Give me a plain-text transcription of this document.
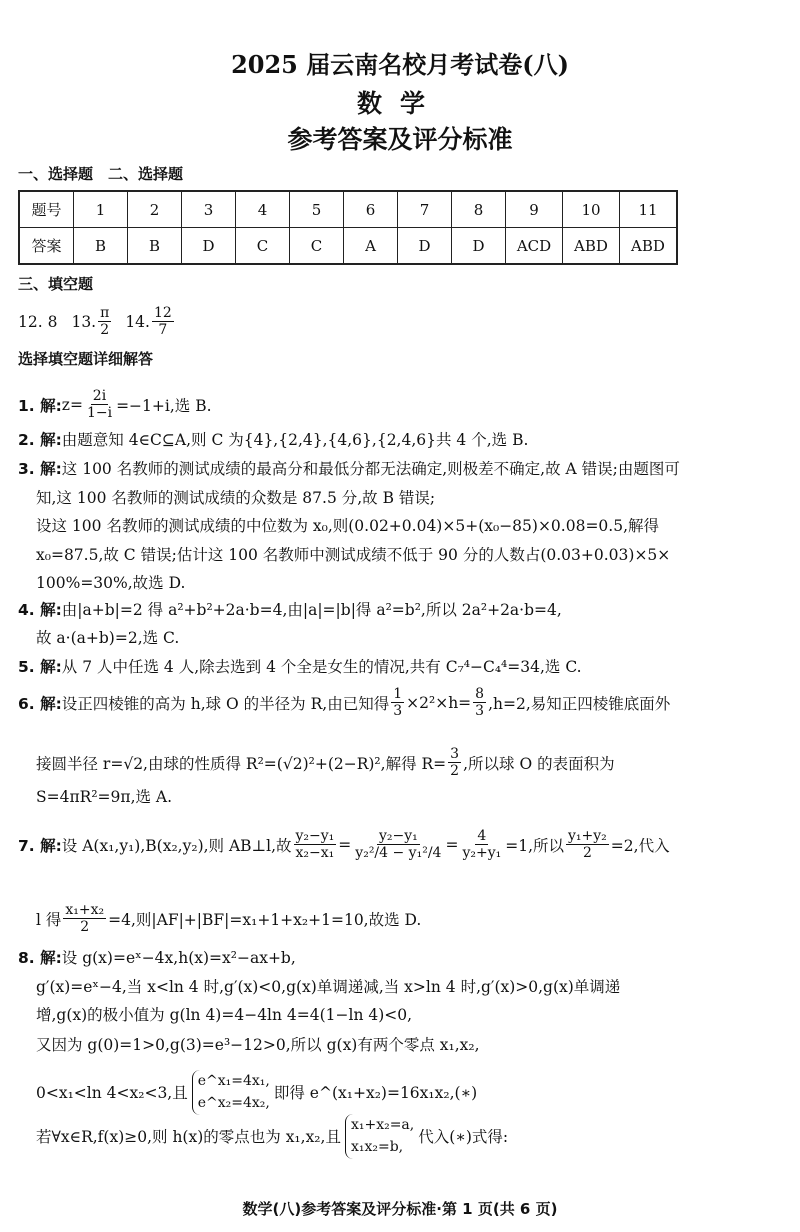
2025 届云南名校月考试卷(八)
数学
参考答案及评分标准
一、选择题　二、选择题
题号	1	2	3	4	5	6	7	8	9	10	11
答案	B	B	D	C	C	A	D	D	ACD	ABD	ABD
三、填空题
12. 8 13. $\frac{\pi}{2} 14$. $\frac{12}{7}$
选择填空题详细解答
1. 解: $z= \frac{2i}{1-i} =-1+i$,选 B.
2. 解: 由题意知 4∈C⊆A,则 C 为{4},{2,4},{4,6},{2,4,6}共 4 个,选 B.
3. 解: 这 100 名教师的测试成绩的最高分和最低分都无法确定,则极差不确定,故 A 错误;由题图可
知,这 100 名教师的测试成绩的众数是 87.5 分,故 B 错误;
设这 100 名教师的测试成绩的中位数为 x₀,则(0.02+0.04)×5+(x₀−85)×0.08=0.5,解得
x₀=87.5,故 C 错误;估计这 100 名教师中测试成绩不低于 90 分的人数占(0.03+0.03)×5×
100%=30%,故选 D.
4. 解: 由|a+b|=2 得 a²+b²+2a·b=4,由|a|=|b|得 a²=b²,所以 2a²+2a·b=4,
故 a·(a+b)=2,选 C.
5. 解: 从 7 人中任选 4 人,除去选到 4 个全是女生的情况,共有 C₇⁴−C₄⁴=34,选 C.
6. 解: 设正四棱锥的高为 h,球 O 的半径为 R,由已知得 $\frac{1}{3} \times 2^2\times h= \frac{8}{3} ,h=2$,易知正四棱锥底面外
接圆半径 r=√2,由球的性质得 R²=(√2)²+(2−R)²,解得 $R= \frac{3}{2}$ ,所以球 O 的表面积为
S=4πR²=9π,选 A.
7. 解: 设 A(x₁,y₁),B(x₂,y₂),则 AB⊥l,故 $\frac{\text{y₂−y₁}}{\text{x₂−x₁}} = \frac{\text{y₂−y₁}}{\text{y₂²/4 − y₁²/4}} = \frac{4}{\text{y₂+y₁}} =1$,所以 $\frac{\text{y₁+y₂}}{2} =2$,代入
l 得 $\frac{\text{x₁+x₂}}{2} =4$,则|AF|+|BF|=x₁+1+x₂+1=10,故选 D.
8. 解: 设 g(x)=eˣ−4x,h(x)=x²−ax+b,
g′(x)=eˣ−4,当 x<ln 4 时,g′(x)<0,g(x)单调递减,当 x>ln 4 时,g′(x)>0,g(x)单调递
增,g(x)的极小值为 g(ln 4)=4−4ln 4=4(1−ln 4)<0,
又因为 g(0)=1>0,g(3)=e³−12>0,所以 g(x)有两个零点 x₁,x₂,
0<x₁<ln 4<x₂<3,且
e^x₁=4x₁,
e^x₂=4x₂,
即得 e^(x₁+x₂)=16x₁x₂,(∗)
若∀x∈R,f(x)≥0,则 h(x)的零点也为 x₁,x₂,且
x₁+x₂=a,
x₁x₂=b,
代入(∗)式得:
数学(八)参考答案及评分标准·第 1 页(共 6 页)
